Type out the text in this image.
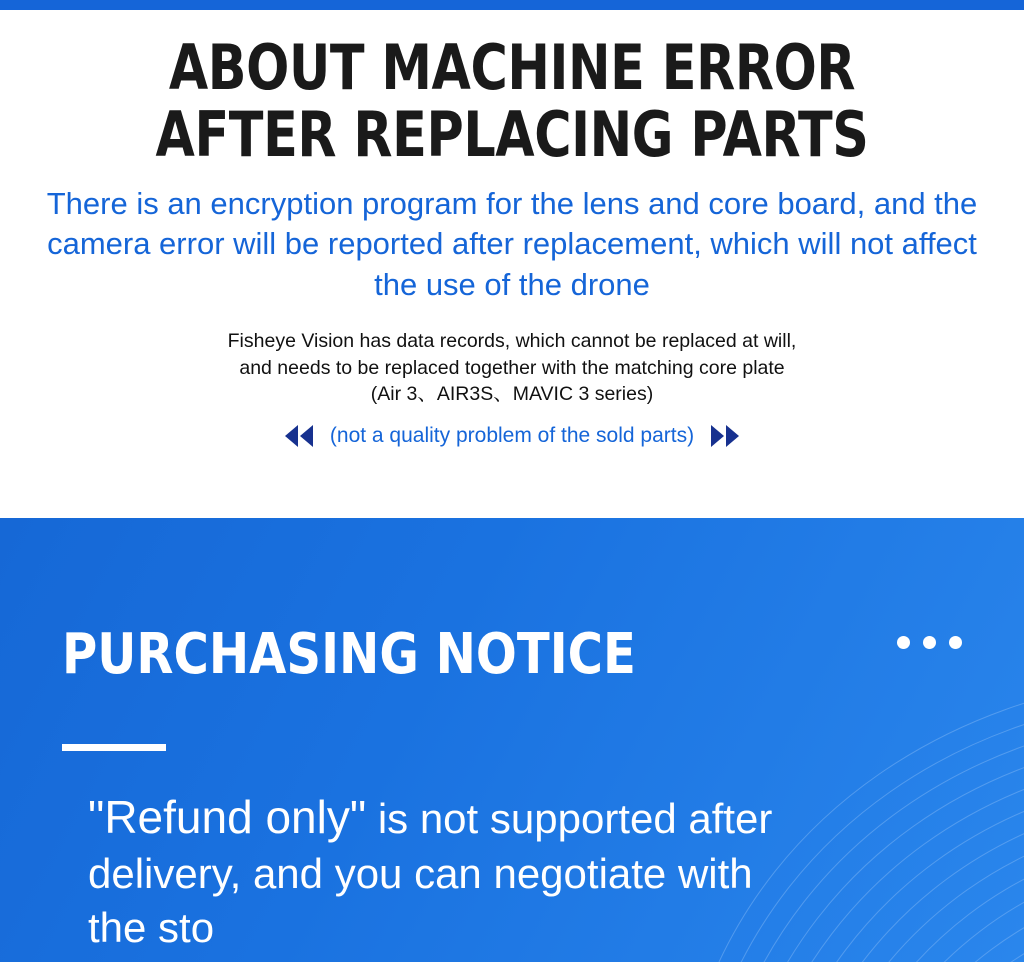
ABOUT MACHINE ERROR
AFTER REPLACING PARTS

There is an encryption program for the lens and core board, and the camera error will be reported after replacement, which will not affect the use of the drone

Fisheye Vision has data records, which cannot be replaced at will,
and needs to be replaced together with the matching core plate
(Air 3、AIR3S、MAVIC 3 series)

(not a quality problem of the sold parts)
PURCHASING NOTICE

"Refund only" is not supported after delivery, and you can negotiate with the sto
